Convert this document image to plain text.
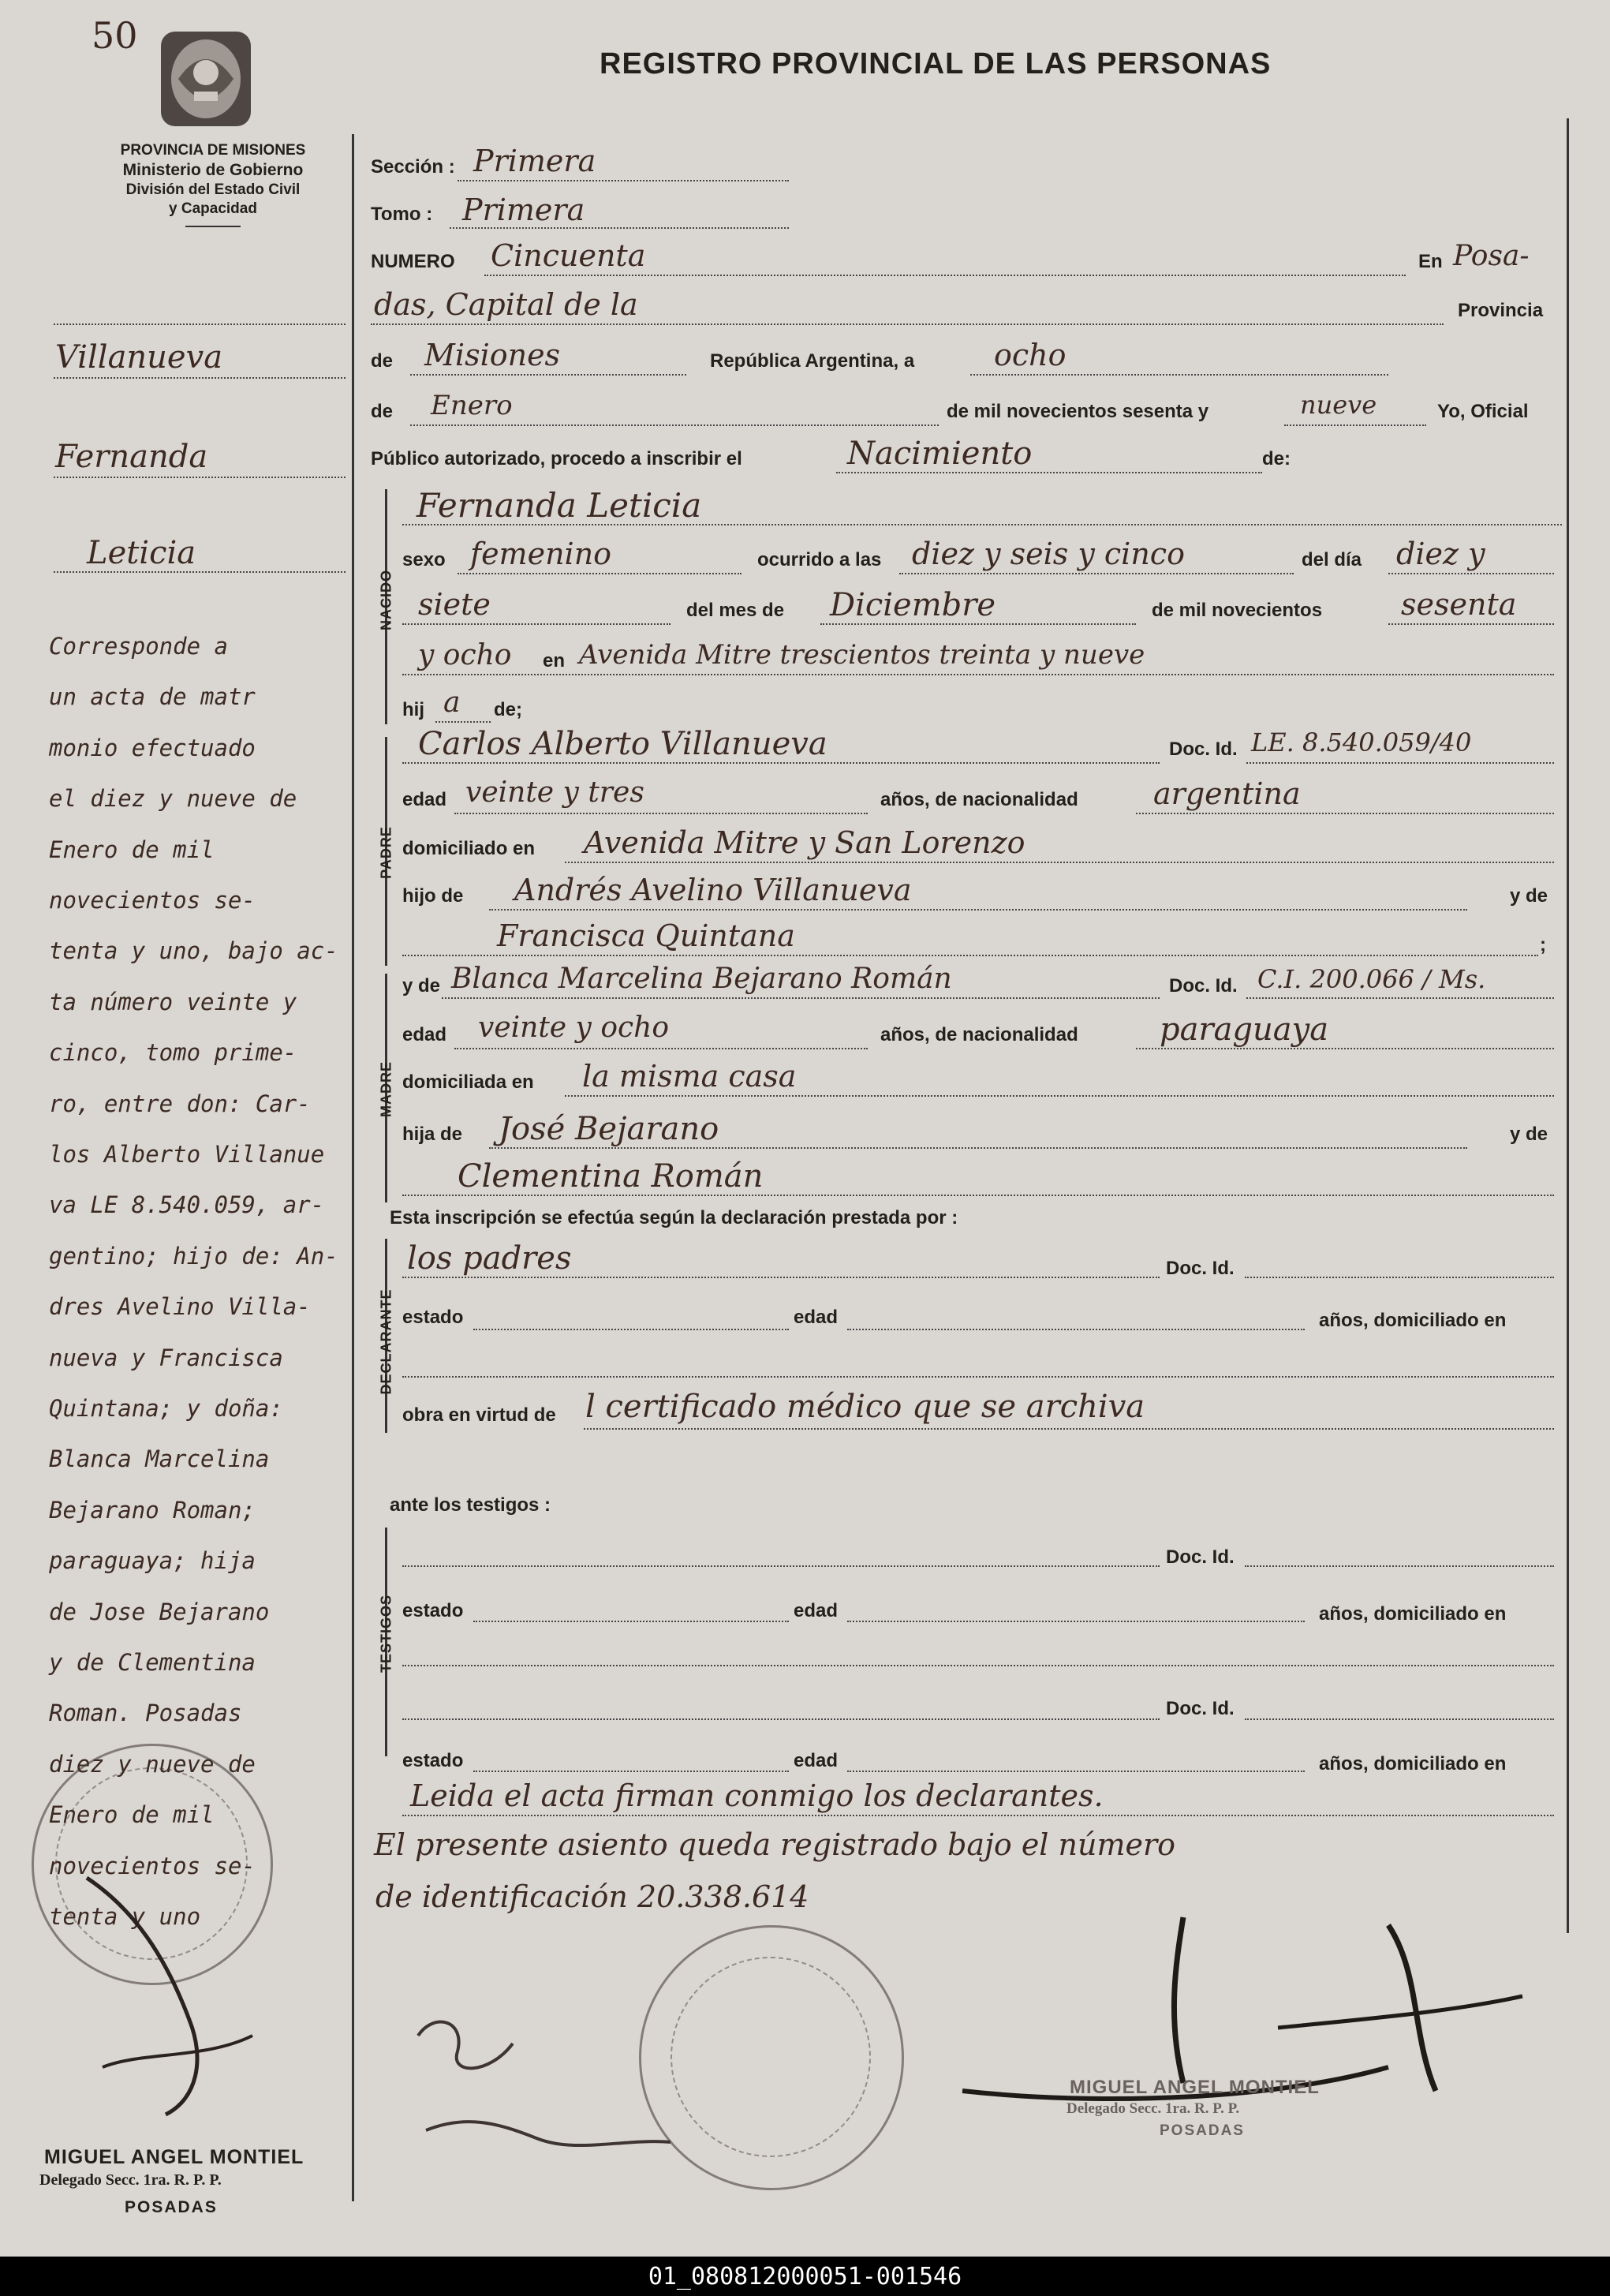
50
REGISTRO PROVINCIAL DE LAS PERSONAS
PROVINCIA DE MISIONES
Ministerio de Gobierno
División del Estado Civil
y Capacidad
Villanueva
Fernanda
Leticia
Corresponde a
un acta de matr
monio efectuado
el diez y nueve de
Enero de mil
novecientos se-
tenta y uno, bajo ac-
ta número veinte y
cinco, tomo prime-
ro, entre don: Car-
los Alberto Villanue
va LE 8.540.059, ar-
gentino; hijo de: An-
dres Avelino Villa-
nueva y Francisca
Quintana; y doña:
Blanca Marcelina
Bejarano Roman;
paraguaya; hija
de Jose Bejarano
y de Clementina
Roman. Posadas
diez y nueve de
Enero de mil
novecientos se-
tenta y uno
MIGUEL ANGEL MONTIEL
Delegado Secc. 1ra. R. P. P.
POSADAS
Sección : Primera
Tomo : Primera
NUMERO Cincuenta	En Posa-
das, Capital de la	Provincia
de Misiones	República Argentina, a	ocho
de Enero	de mil novecientos sesenta y	nueve	Yo, Oficial
Público autorizado, procedo a inscribir el	Nacimiento	de:
NACIDO
Fernanda Leticia
sexo femenino	ocurrido a las diez y seis y cinco	del día diez y
siete	del mes de Diciembre	de mil novecientos	sesenta
y ocho en Avenida Mitre trescientos treinta y nueve
hij a de;
PADRE
Carlos Alberto Villanueva	Doc. Id. LE. 8.540.059/40
edad veinte y tres	años, de nacionalidad	argentina
domiciliado en Avenida Mitre y San Lorenzo
hijo de Andrés Avelino Villanueva	y de
Francisca Quintana	;
MADRE
y de Blanca Marcelina Bejarano Román	Doc. Id. C.I. 200.066 / Ms.
edad veinte y ocho	años, de nacionalidad	paraguaya
domiciliada en la misma casa
hija de José Bejarano	y de
Clementina Román
Esta inscripción se efectúa según la declaración prestada por :
DECLARANTE
los padres	Doc. Id.
estado	edad	años, domiciliado en
obra en virtud de l certificado médico que se archiva
ante los testigos :
TESTIGOS
Doc. Id.
estado	edad	años, domiciliado en
Doc. Id.
estado	edad	años, domiciliado en
Leida el acta firman conmigo los declarantes.
El presente asiento queda registrado bajo el número
de identificación 20.338.614
MIGUEL ANGEL MONTIEL
Delegado Secc. 1ra. R. P. P.
POSADAS
01_080812000051-001546
